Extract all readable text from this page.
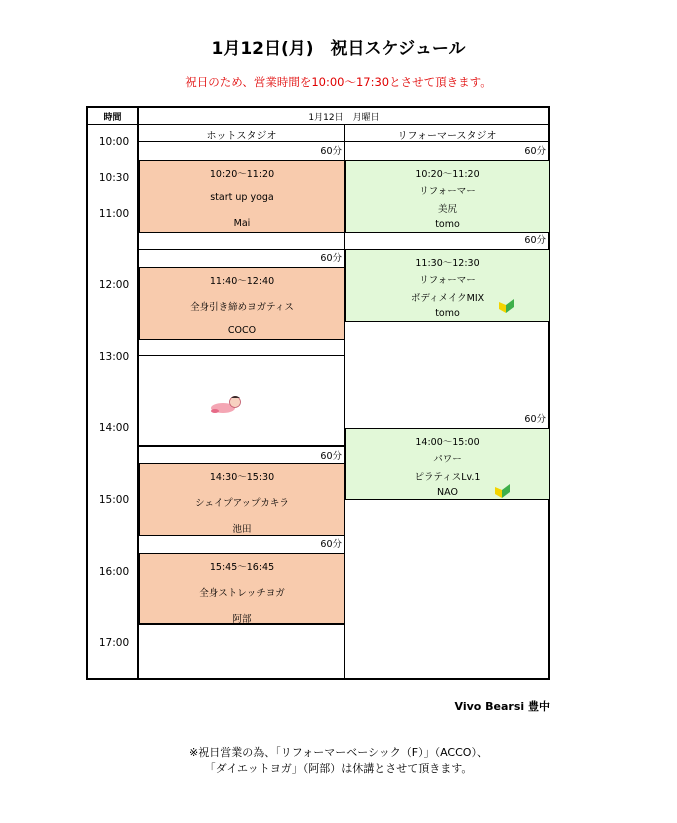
1月12日(月)　祝日スケジュール
祝日のため、営業時間を10:00～17:30とさせて頂きます。
時間	1月12日　月曜日
ホットスタジオ	リフォーマースタジオ
10:00
10:30
11:00
12:00
13:00
14:00
15:00
16:00
17:00
60分
10:20～11:20
start up yoga
Mai
60分
11:40～12:40
全身引き締めヨガティス
COCO
60分
14:30～15:30
シェイプアップカキラ
池田
60分
15:45～16:45
全身ストレッチヨガ
阿部
60分
10:20～11:20
リフォーマー
美尻
tomo
60分
11:30～12:30
リフォーマー
ボディメイクMIX
tomo
60分
14:00～15:00
パワー
ピラティスLv.1
NAO
Vivo Bearsi 豊中
※祝日営業の為、「リフォーマーベーシック（F）」（ACCO）、
「ダイエットヨガ」（阿部）は休講とさせて頂きます。
